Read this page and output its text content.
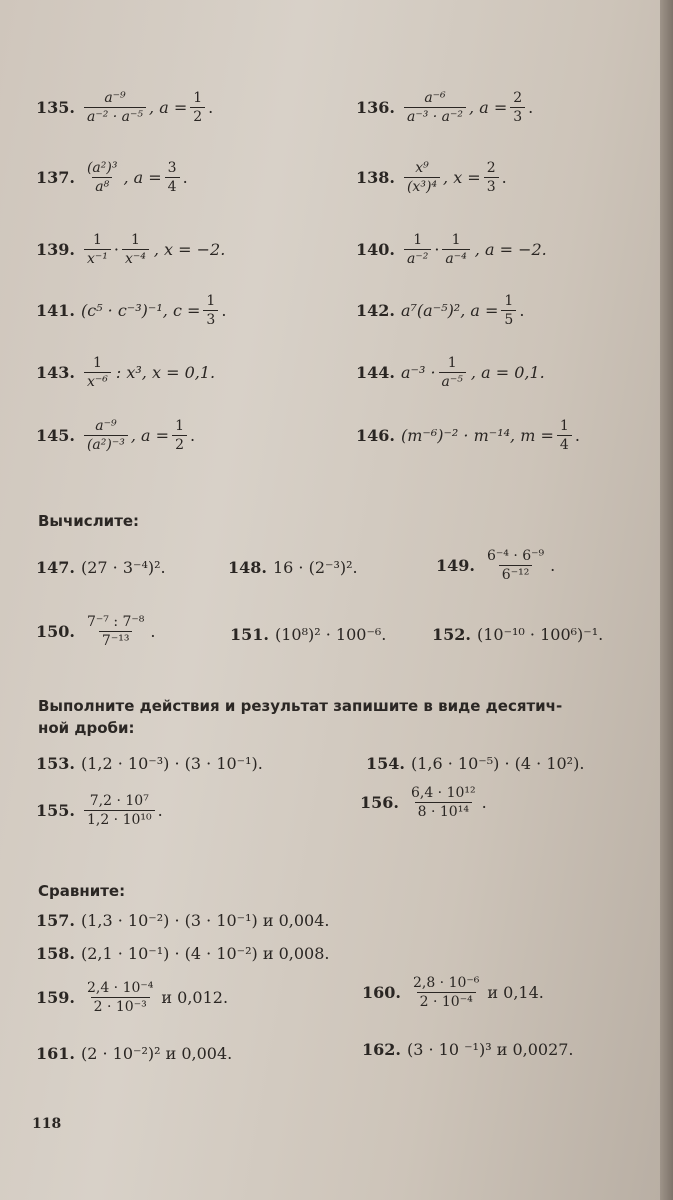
135. $\frac{\text{a⁻⁹}}{\text{a⁻² · a⁻⁵}}$ , $a = \frac{1}{2}$ .	136. $\frac{\text{a⁻⁶}}{\text{a⁻³ · a⁻²}}$ , $a = \frac{2}{3}$ .
137. $\frac{\text{(a²)³}}{\text{a⁸}}$ , $a = \frac{3}{4}$ .	138. $\frac{\text{x⁹}}{\text{(x³)⁴}}$ , $x = \frac{2}{3}$ .
139. $\frac{1}{\text{x⁻¹}} \cdot \frac{1}{\text{x⁻⁴}}$ , x = −2.	140. $\frac{1}{\text{a⁻²}} \cdot \frac{1}{\text{a⁻⁴}}$ , a = −2.
141. (c⁵ · c⁻³)⁻¹, $c = \frac{1}{3}$ .	142. a⁷(a⁻⁵)², $a = \frac{1}{5}$ .
143. $\frac{1}{\text{x⁻⁶}}$ : x³, x = 0,1.	144. $a^{-3} \cdot \frac{1}{\text{a⁻⁵}}$ , a = 0,1.
145. $\frac{\text{a⁻⁹}}{\text{(a²)⁻³}}$ , $a = \frac{1}{2}$ .	146. (m⁻⁶)⁻² · m⁻¹⁴, $m = \frac{1}{4}$ .
Вычислите:
147. (27 · 3⁻⁴)².	148. 16 · (2⁻³)².	149. $\frac{\text{6⁻⁴ · 6⁻⁹}}{\text{6⁻¹²}}$ .
150. $\frac{\text{7⁻⁷ : 7⁻⁸}}{\text{7⁻¹³}}$ .	151. (10⁸)² · 100⁻⁶.	152. (10⁻¹⁰ · 100⁶)⁻¹.
Выполните действия и результат запишите в виде десятич-
ной дроби:
153. (1,2 · 10⁻³) · (3 · 10⁻¹).	154. (1,6 · 10⁻⁵) · (4 · 10²).
155. $\frac{\text{7,2 · 10⁷}}{\text{1,2 · 10¹⁰}}$ .	156. $\frac{\text{6,4 · 10¹²}}{\text{8 · 10¹⁴}}$ .
Сравните:
157. (1,3 · 10⁻²) · (3 · 10⁻¹) и 0,004.
158. (2,1 · 10⁻¹) · (4 · 10⁻²) и 0,008.
159. $\frac{\text{2,4 · 10⁻⁴}}{\text{2 · 10⁻³}}$ и 0,012.	160. $\frac{\text{2,8 · 10⁻⁶}}{\text{2 · 10⁻⁴}}$ и 0,14.
161. (2 · 10⁻²)² и 0,004.	162. (3 · 10 ⁻¹)³ и 0,0027.
118
